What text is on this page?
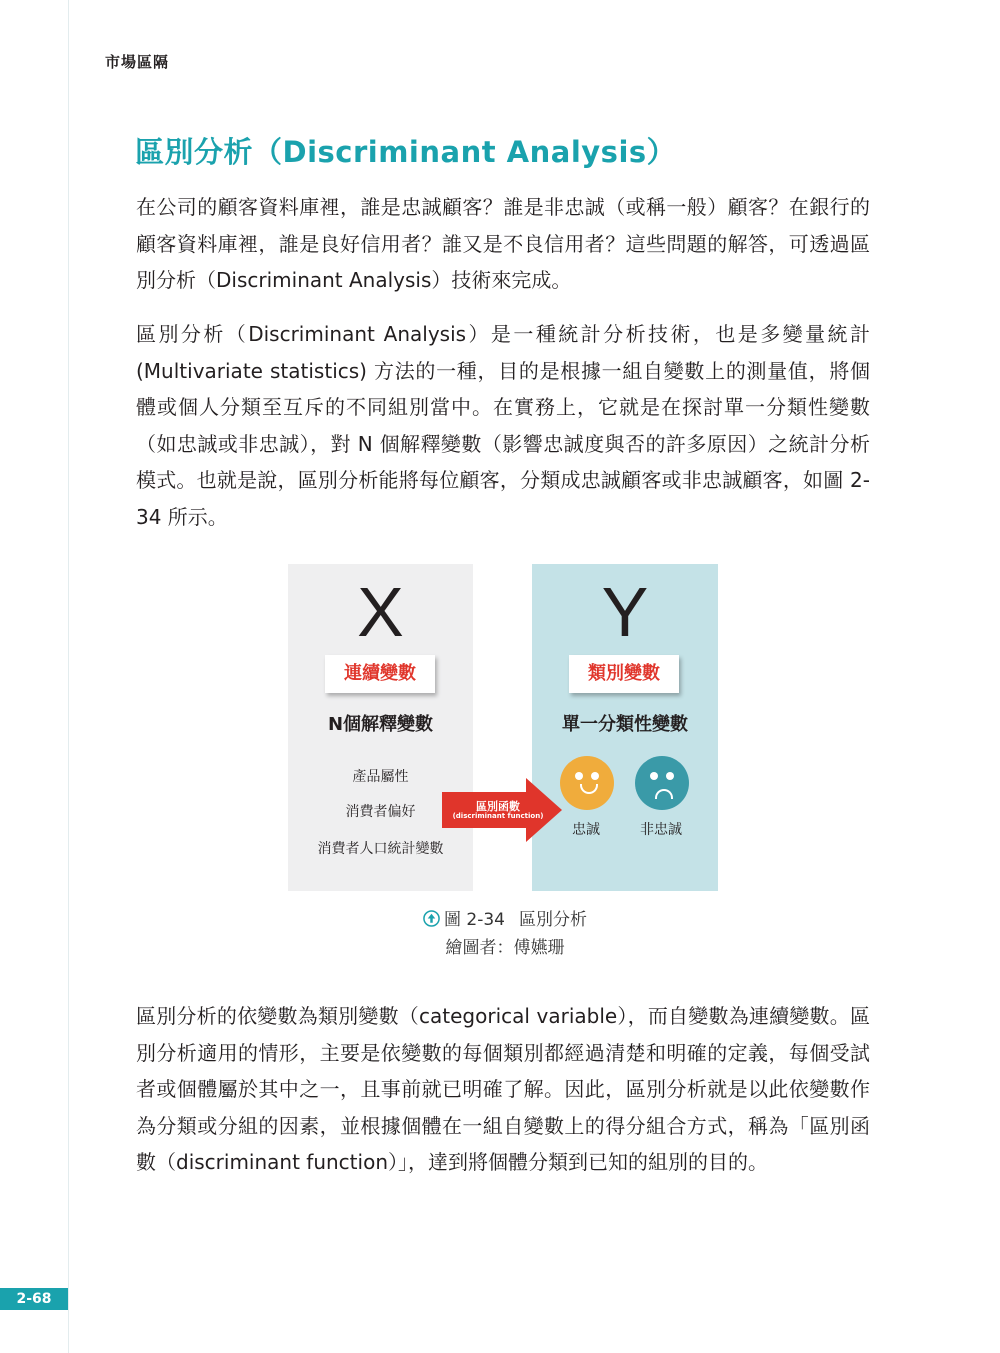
市場區隔
區別分析（Discriminant Analysis）

在公司的顧客資料庫裡，誰是忠誠顧客？誰是非忠誠（或稱一般）顧客？在銀行的顧客資料庫裡，誰是良好信用者？誰又是不良信用者？這些問題的解答，可透過區別分析（Discriminant Analysis）技術來完成。

區別分析（Discriminant Analysis）是一種統計分析技術，也是多變量統計 (Multivariate statistics) 方法的一種，目的是根據一組自變數上的測量值，將個體或個人分類至互斥的不同組別當中。在實務上，它就是在探討單一分類性變數（如忠誠或非忠誠），對 N 個解釋變數（影響忠誠度與否的許多原因）之統計分析模式。也就是說，區別分析能將每位顧客，分類成忠誠顧客或非忠誠顧客，如圖 2-34 所示。

X
連續變數
N個解釋變數
產品屬性
消費者偏好
消費者人口統計變數
Y
類別變數
單一分類性變數
忠誠	非忠誠
區別函數
(discriminant function)
圖 2-34 區別分析
繪圖者：傅嬿珊

區別分析的依變數為類別變數（categorical variable），而自變數為連續變數。區別分析適用的情形，主要是依變數的每個類別都經過清楚和明確的定義，每個受試者或個體屬於其中之一，且事前就已明確了解。因此，區別分析就是以此依變數作為分類或分組的因素，並根據個體在一組自變數上的得分組合方式，稱為「區別函數（discriminant function）」，達到將個體分類到已知的組別的目的。

2-68
